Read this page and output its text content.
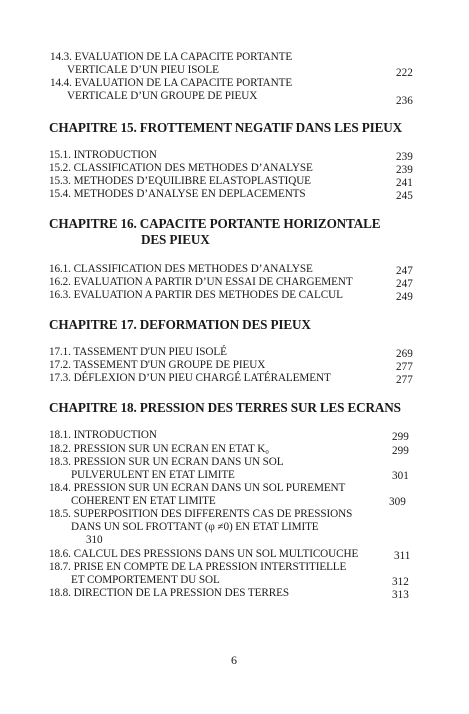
14.3. EVALUATION DE LA CAPACITE PORTANTE
VERTICALE D’UN PIEU ISOLE	222
14.4. EVALUATION DE LA CAPACITE PORTANTE
VERTICALE D’UN GROUPE DE PIEUX	236
CHAPITRE 15. FROTTEMENT NEGATIF DANS LES PIEUX
15.1. INTRODUCTION	239
15.2. CLASSIFICATION DES METHODES D’ANALYSE	239
15.3. METHODES D’EQUILIBRE ELASTOPLASTIQUE	241
15.4. METHODES D’ANALYSE EN DEPLACEMENTS	245
CHAPITRE 16. CAPACITE PORTANTE HORIZONTALE
DES PIEUX
16.1. CLASSIFICATION DES METHODES D’ANALYSE	247
16.2. EVALUATION A PARTIR D’UN ESSAI DE CHARGEMENT	247
16.3. EVALUATION A PARTIR DES METHODES DE CALCUL	249
CHAPITRE 17. DEFORMATION DES PIEUX
17.1. TASSEMENT D'UN PIEU ISOLÉ	269
17.2. TASSEMENT D'UN GROUPE DE PIEUX	277
17.3. DÉFLEXION D’UN PIEU CHARGÉ LATÉRALEMENT	277
CHAPITRE 18. PRESSION DES TERRES SUR LES ECRANS
18.1. INTRODUCTION	299
18.2. PRESSION SUR UN ECRAN EN ETAT K₀	299
18.3. PRESSION SUR UN ECRAN DANS UN SOL
PULVERULENT EN ETAT LIMITE	301
18.4. PRESSION SUR UN ECRAN DANS UN SOL PUREMENT
COHERENT EN ETAT LIMITE	309
18.5. SUPERPOSITION DES DIFFERENTS CAS DE PRESSIONS
DANS UN SOL FROTTANT (φ ≠0) EN ETAT LIMITE
310
18.6. CALCUL DES PRESSIONS DANS UN SOL MULTICOUCHE	311
18.7. PRISE EN COMPTE DE LA PRESSION INTERSTITIELLE
ET COMPORTEMENT DU SOL	312
18.8. DIRECTION DE LA PRESSION DES TERRES	313
6
